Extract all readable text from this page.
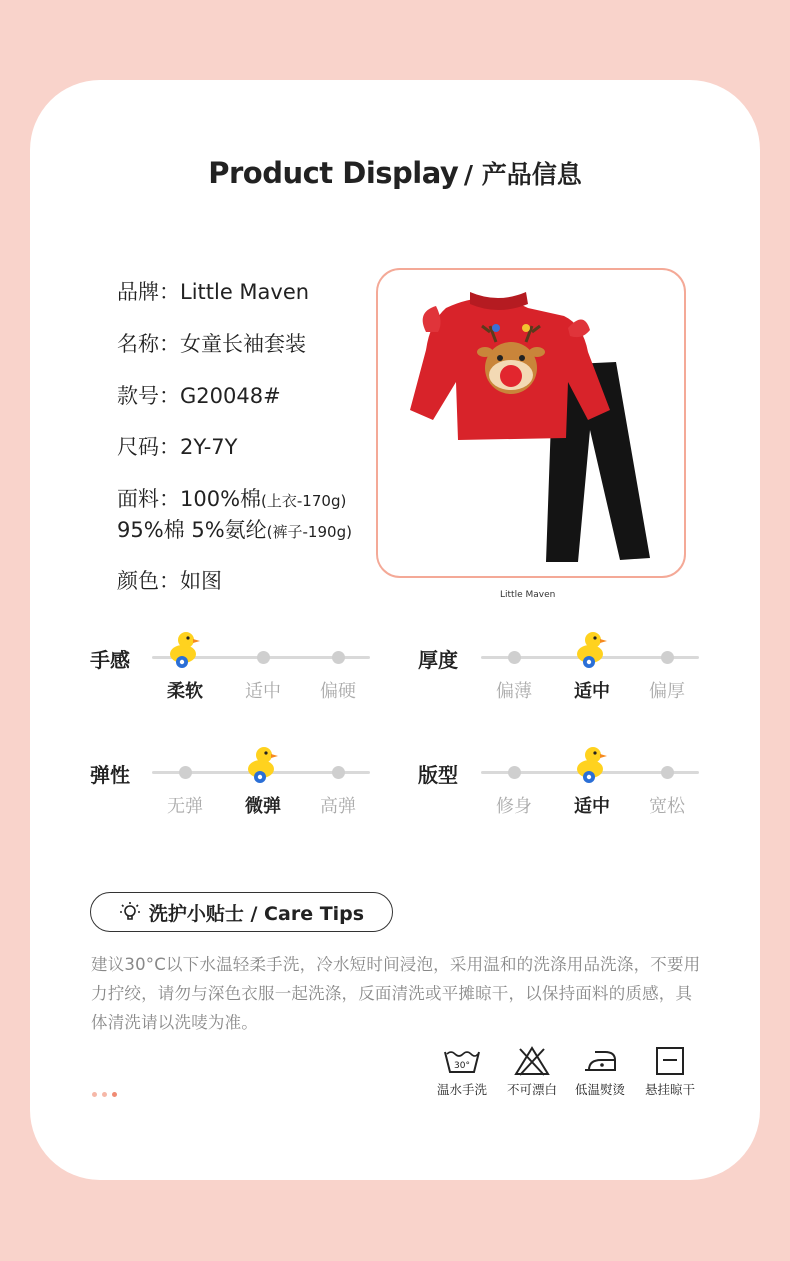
Product Display / 产品信息
品牌：Little Maven
名称：女童长袖套装
款号：G20048#
尺码：2Y-7Y
面料：100%棉(上衣-170g)
95%棉 5%氨纶(裤子-190g)
颜色：如图
Little Maven
手感
柔软	适中	偏硬
厚度
偏薄	适中	偏厚
弹性
无弹	微弹	高弹
版型
修身	适中	宽松
洗护小贴士 / Care Tips
建议30°C以下水温轻柔手洗，冷水短时间浸泡，采用温和的洗涤用品洗涤，不要用力拧绞，请勿与深色衣服一起洗涤，反面清洗或平摊晾干，以保持面料的质感，具体清洗请以洗唛为准。
30°
温水手洗	不可漂白	低温熨烫	悬挂晾干
